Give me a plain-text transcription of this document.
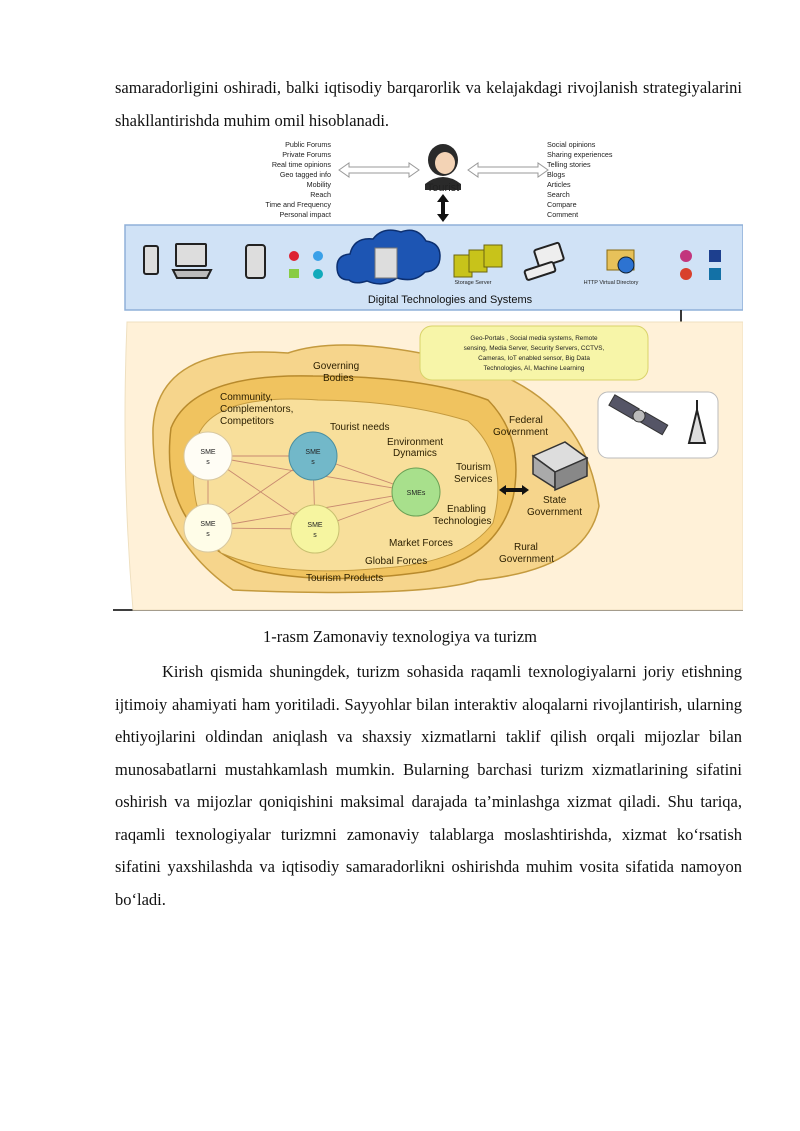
samaradorligini oshiradi, balki iqtisodiy barqarorlik va kelajakdagi rivojlanish strategiyalarini shakllantirishda muhim omil hisoblanadi.

Public Forums
Private Forums
Real time opinions
Geo tagged info
Mobility
Reach
Time and Frequency
Personal impact
Social opinions
Sharing experiences
Telling stories
Blogs
Articles
Search
Compare
Comment
Tourist
Storage Server	HTTP Virtual Directory
Digital Technologies and Systems
Geo-Portals , Social media systems, Remote
sensing, Media Server, Security Servers, CCTVS,
Cameras, IoT enabled sensor, Big Data
Technologies, AI, Machine Learning
Governing
Bodies
Community,
Complementors,
Competitors
Tourist needs
Environment
Dynamics
Tourism
Services
Enabling
Technologies
Market Forces
Global Forces
Tourism Products
Federal
Government
State
Government
Rural
Government
SME
s
SME
s
SME
s
SME
s
SMEs
1-rasm Zamonaviy texnologiya va turizm

Kirish qismida shuningdek, turizm sohasida raqamli texnologiyalarni joriy etishning ijtimoiy ahamiyati ham yoritiladi. Sayyohlar bilan interaktiv aloqalarni rivojlantirish, ularning ehtiyojlarini oldindan aniqlash va shaxsiy xizmatlarni taklif qilish orqali mijozlar bilan munosabatlarni mustahkamlash mumkin. Bularning barchasi turizm xizmatlarining sifatini oshirish va mijozlar qoniqishini maksimal darajada ta’minlashga xizmat qiladi. Shu tariqa, raqamli texnologiyalar turizmni zamonaviy talablarga moslashtirishda, xizmat ko‘rsatish sifatini yaxshilashda va iqtisodiy samaradorlikni oshirishda muhim vosita sifatida namoyon bo‘ladi.
